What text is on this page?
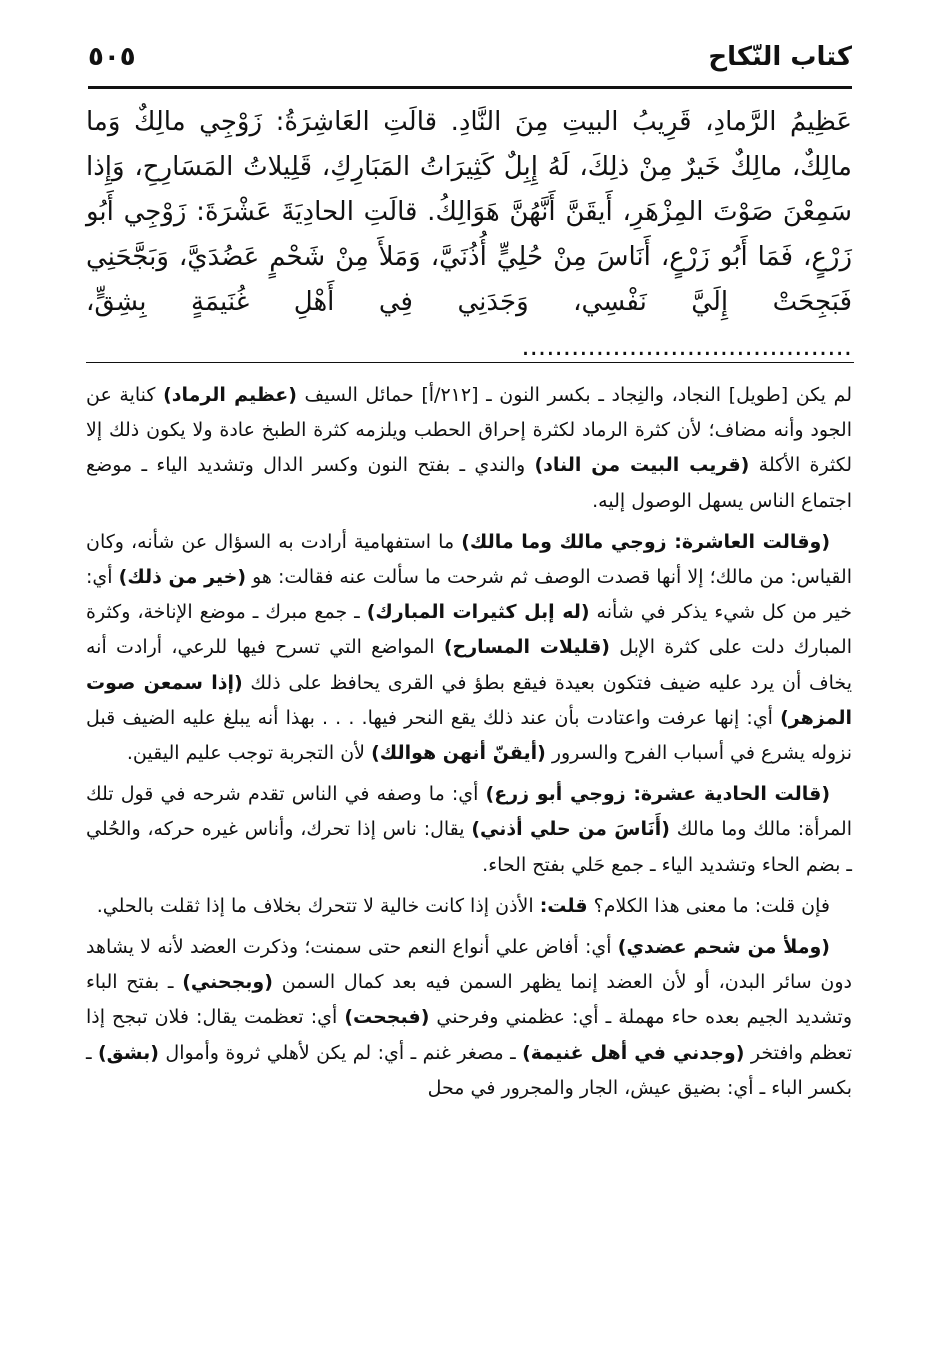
كتاب النّكاح
٥٠٥
عَظِيمُ الرَّمادِ، قَرِيبُ البيتِ مِنَ النَّادِ. قالَتِ العَاشِرَةُ: زَوْجِي مالِكٌ وَما مالِكٌ، مالِكٌ خَيرٌ مِنْ ذلِكَ، لَهُ إِبِلٌ كَثِيرَاتُ المَبَارِكِ، قَلِيلاتُ المَسَارِحِ، وَإِذا سَمِعْنَ صَوْتَ المِزْهَرِ، أَيقَنَّ أَنَّهُنَّ هَوَالِكُ. قالَتِ الحادِيَةَ عَشْرَةَ: زَوْجِي أَبُو زَرْعٍ، فَمَا أَبُو زَرْعٍ، أَنَاسَ مِنْ حُلِيٍّ أُذُنَيَّ، وَمَلأَ مِنْ شَحْمٍ عَضُدَيَّ، وَبَجَّحَنِي فَبَجِحَتْ إِلَيَّ نَفْسِي، وَجَدَنِي فِي أَهْلِ غُنَيمَةٍ بِشِقٍّ، ........................................

لم يكن [طويل] النجاد، والنِجاد ـ بكسر النون ـ [٢١٢/أ] حمائل السيف (عظيم الرماد) كناية عن الجود وأنه مضاف؛ لأن كثرة الرماد لكثرة إحراق الحطب ويلزمه كثرة الطبخ عادة ولا يكون ذلك إلا لكثرة الأكلة (قريب البيت من الناد) والندي ـ بفتح النون وكسر الدال وتشديد الياء ـ موضع اجتماع الناس يسهل الوصول إليه.

(وقالت العاشرة: زوجي مالك وما مالك) ما استفهامية أرادت به السؤال عن شأنه، وكان القياس: من مالك؛ إلا أنها قصدت الوصف ثم شرحت ما سألت عنه فقالت: هو (خير من ذلك) أي: خير من كل شيء يذكر في شأنه (له إبل كثيرات المبارك) ـ جمع مبرك ـ موضع الإناخة، وكثرة المبارك دلت على كثرة الإبل (قليلات المسارح) المواضع التي تسرح فيها للرعي، أرادت أنه يخاف أن يرد عليه ضيف فتكون بعيدة فيقع بطؤ في القرى يحافظ على ذلك (إذا سمعن صوت المزهر) أي: إنها عرفت واعتادت بأن عند ذلك يقع النحر فيها. . . . بهذا أنه يبلغ عليه الضيف قبل نزوله يشرع في أسباب الفرح والسرور (أيقنّ أنهن هوالك) لأن التجربة توجب عليم اليقين.

(قالت الحادية عشرة: زوجي أبو زرع) أي: ما وصفه في الناس تقدم شرحه في قول تلك المرأة: مالك وما مالك (أَنَاسَ من حلي أذني) يقال: ناس إذا تحرك، وأناس غيره حركه، والحُلي ـ بضم الحاء وتشديد الياء ـ جمع حَلي بفتح الحاء.

فإن قلت: ما معنى هذا الكلام؟ قلت: الأذن إذا كانت خالية لا تتحرك بخلاف ما إذا ثقلت بالحلي.

(وملأ من شحم عضدي) أي: أفاض علي أنواع النعم حتى سمنت؛ وذكرت العضد لأنه لا يشاهد دون سائر البدن، أو لأن العضد إنما يظهر السمن فيه بعد كمال السمن (وبجحني) ـ بفتح الباء وتشديد الجيم بعده حاء مهملة ـ أي: عظمني وفرحني (فبجحت) أي: تعظمت يقال: فلان تبجح إذا تعظم وافتخر (وجدني في أهل غنيمة) ـ مصغر غنم ـ أي: لم يكن لأهلي ثروة وأموال (بشق) ـ بكسر الباء ـ أي: بضيق عيش، الجار والمجرور في محل
